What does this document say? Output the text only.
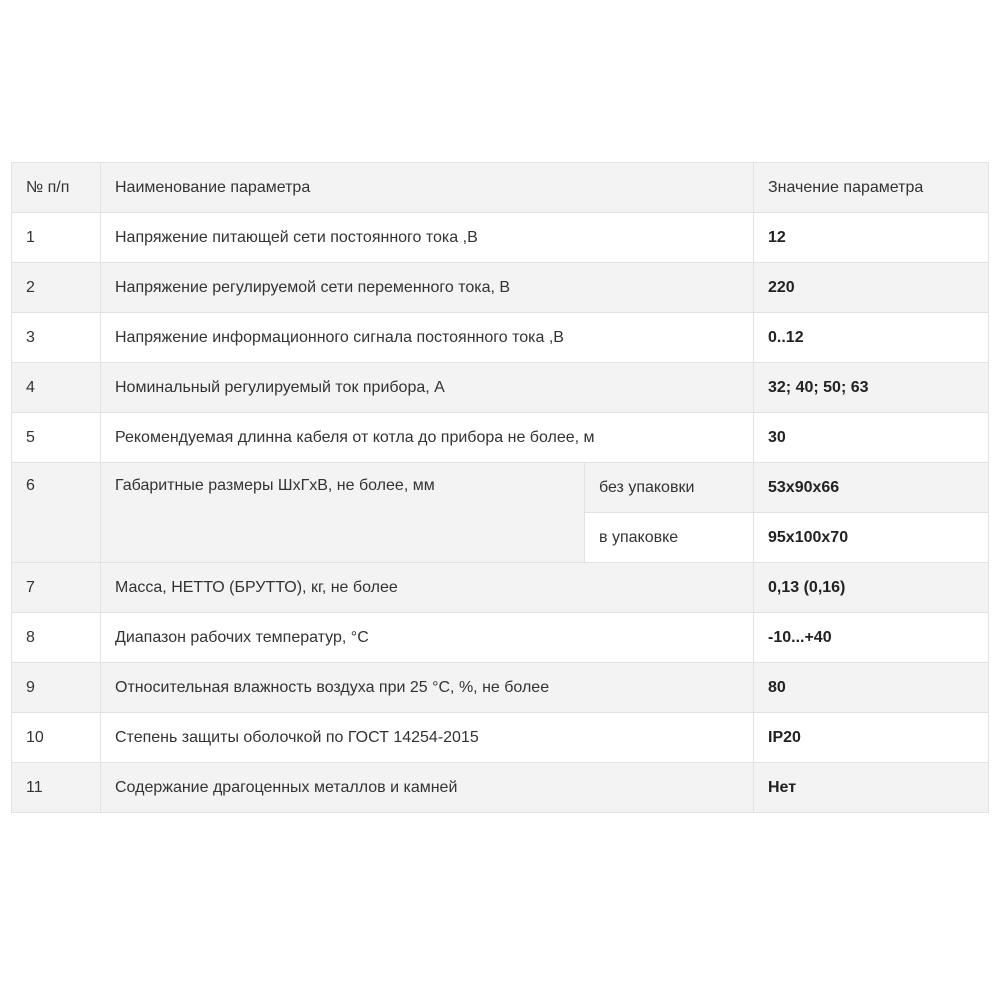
№ п/п	Наименование параметра		Значение параметра
1	Напряжение питающей сети постоянного тока ,В		12
2	Напряжение регулируемой сети переменного тока, В		220
3	Напряжение информационного сигнала постоянного тока ,В		0..12
4	Номинальный регулируемый ток прибора, А		32; 40; 50; 63
5	Рекомендуемая длинна кабеля от котла до прибора не более, м		30
6	Габаритные размеры ШхГхВ, не более, мм	без упаковки	53х90х66
		в упаковке	95х100х70
7	Масса, НЕТТО (БРУТТО), кг, не более		0,13 (0,16)
8	Диапазон рабочих температур, °С		-10...+40
9	Относительная влажность воздуха при 25 °С, %, не более		80
10	Степень защиты оболочкой по ГОСТ 14254-2015		IP20
11	Содержание драгоценных металлов и камней		Нет
